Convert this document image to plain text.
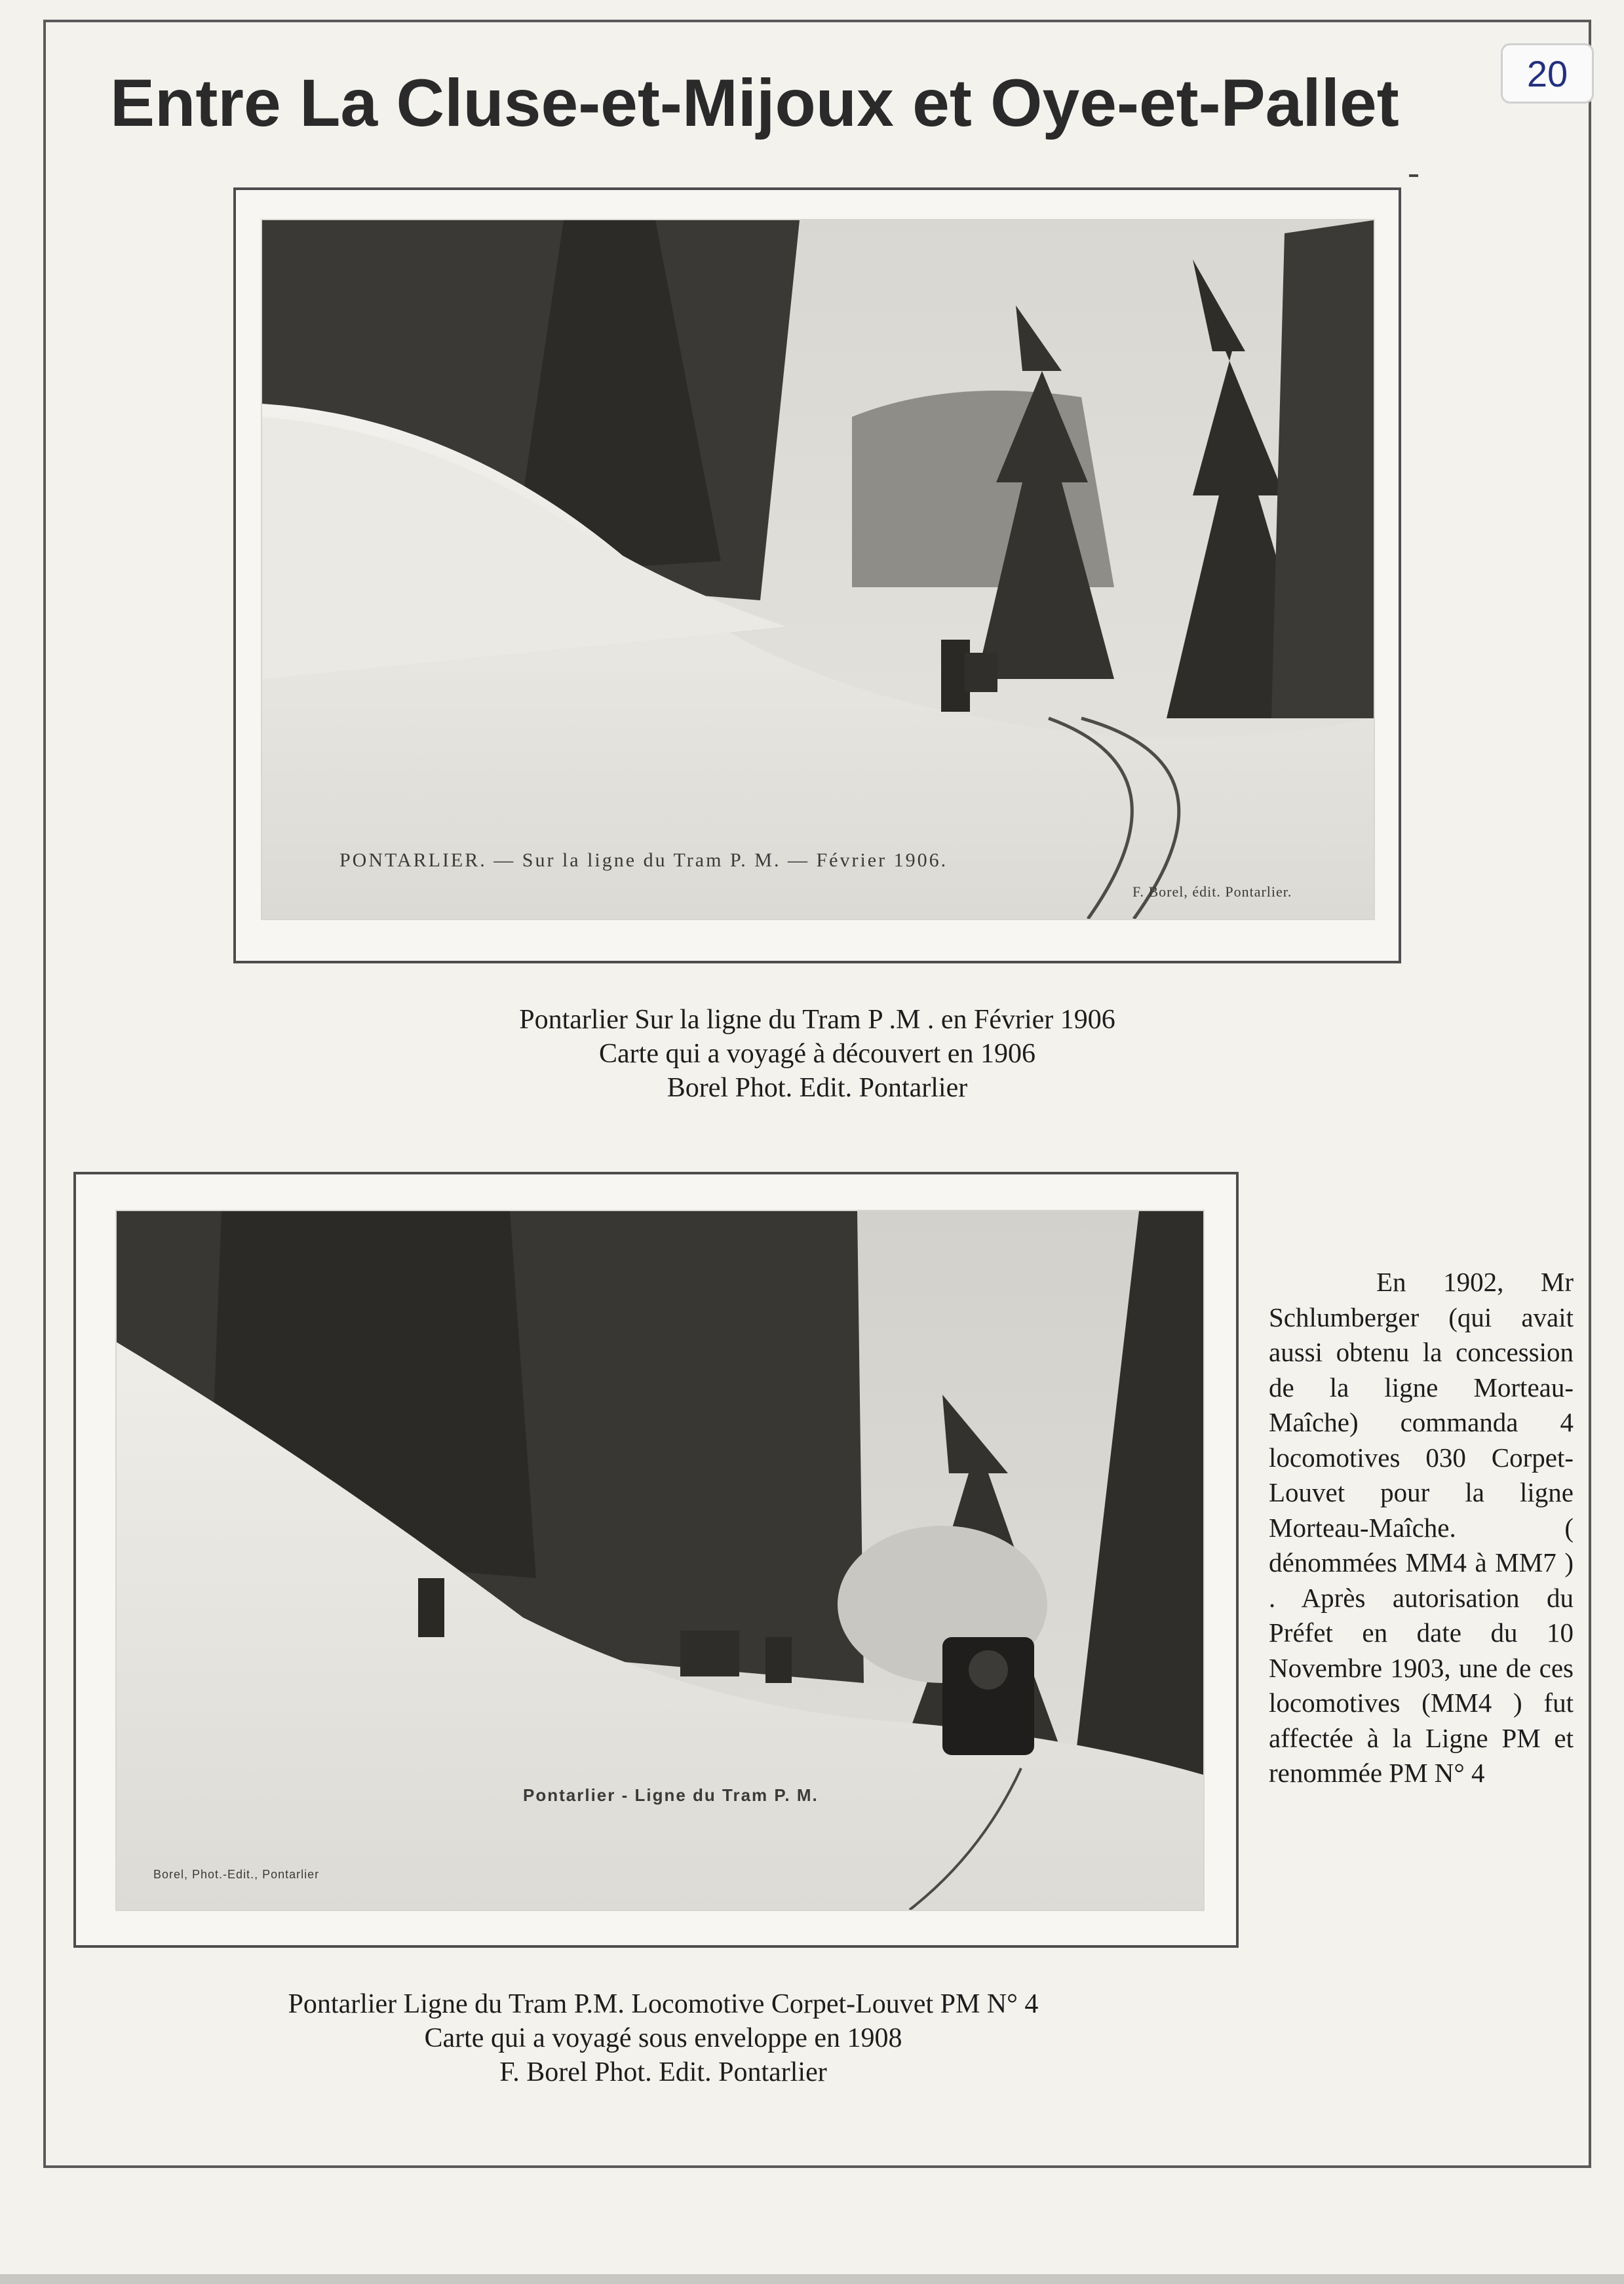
20
Entre La Cluse-et-Mijoux et Oye-et-Pallet
PONTARLIER. — Sur la ligne du Tram P. M. — Février 1906.
F. Borel, édit. Pontarlier.
Pontarlier Sur la ligne du Tram P .M . en Février 1906
Carte qui a voyagé à découvert en 1906
Borel Phot. Edit. Pontarlier
Pontarlier - Ligne du Tram P. M.
Borel, Phot.-Edit., Pontarlier
En 1902, Mr Schlumberger (qui avait aussi obtenu la concession de la ligne Morteau-Maîche) commanda 4 locomotives 030 Corpet-Louvet pour la ligne Morteau-Maîche. ( dénommées MM4 à MM7 ) . Après autorisation du Préfet en date du 10 Novembre 1903, une de ces locomotives (MM4 ) fut affectée à la Ligne PM et renommée PM N° 4
Pontarlier Ligne du Tram P.M. Locomotive Corpet-Louvet PM N° 4
Carte qui a voyagé sous enveloppe en 1908
F. Borel Phot. Edit. Pontarlier
